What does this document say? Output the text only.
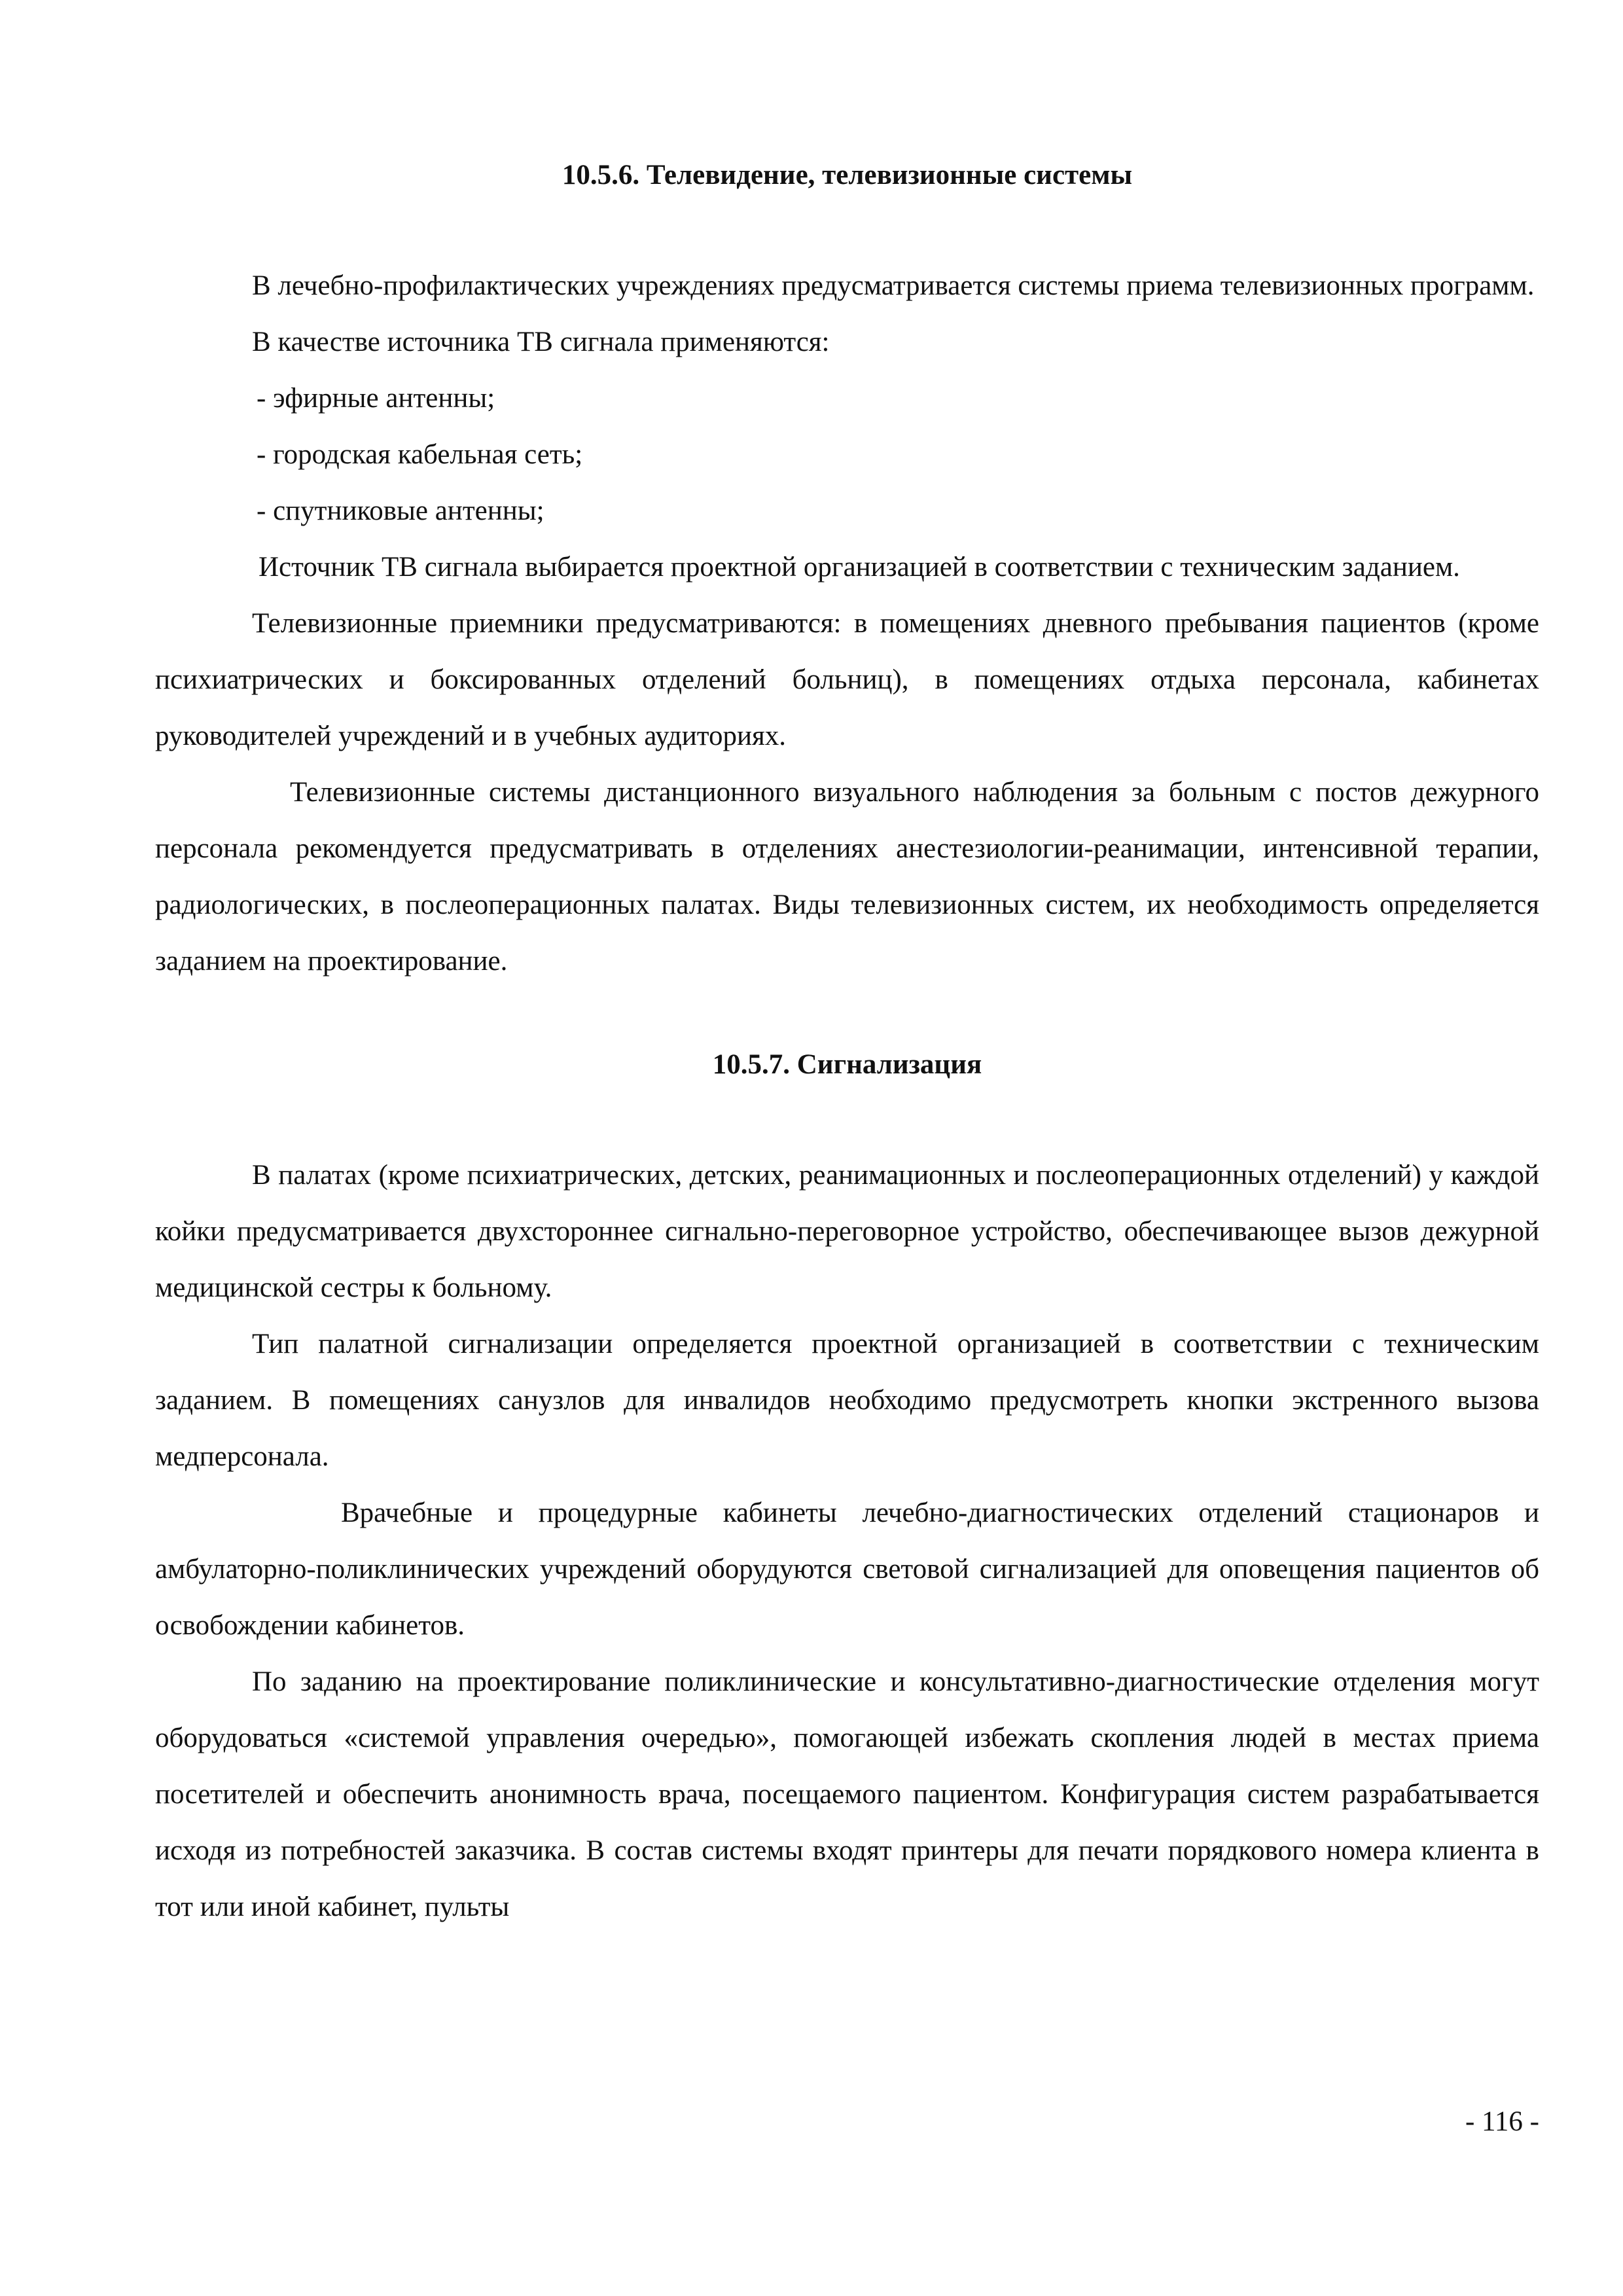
10.5.6. Телевидение, телевизионные системы

В лечебно-профилактических учреждениях предусматривается системы приема телевизионных программ.

В качестве источника ТВ сигнала применяются:

- эфирные антенны;

- городская кабельная сеть;

- спутниковые антенны;

Источник ТВ сигнала выбирается проектной организацией в соответствии с техническим заданием.

Телевизионные приемники предусматриваются: в помещениях дневного пребывания пациентов (кроме психиатрических и боксированных отделений больниц), в помещениях отдыха персонала, кабинетах руководителей учреждений и в учебных аудиториях.

Телевизионные системы дистанционного визуального наблюдения за больным с постов дежурного персонала рекомендуется предусматривать в отделениях анестезиологии-реанимации, интенсивной терапии, радиологических, в послеоперационных палатах. Виды телевизионных систем, их необходимость определяется заданием на проектирование.

10.5.7. Сигнализация

В палатах (кроме психиатрических, детских, реанимационных и послеоперационных отделений) у каждой койки предусматривается двухстороннее сигнально-переговорное устройство, обеспечивающее вызов дежурной медицинской сестры к больному.

Тип палатной сигнализации определяется проектной организацией в соответствии с техническим заданием. В помещениях санузлов для инвалидов необходимо предусмотреть кнопки экстренного вызова медперсонала.

Врачебные и процедурные кабинеты лечебно-диагностических отделений стационаров и амбулаторно-поликлинических учреждений оборудуются световой сигнализацией для оповещения пациентов об освобождении кабинетов.

По заданию на проектирование поликлинические и консультативно-диагностические отделения могут оборудоваться «системой управления очередью», помогающей избежать скопления людей в местах приема посетителей и обеспечить анонимность врача, посещаемого пациентом. Конфигурация систем разрабатывается исходя из потребностей заказчика. В состав системы входят принтеры для печати порядкового номера клиента в тот или иной кабинет, пульты

- 116 -
